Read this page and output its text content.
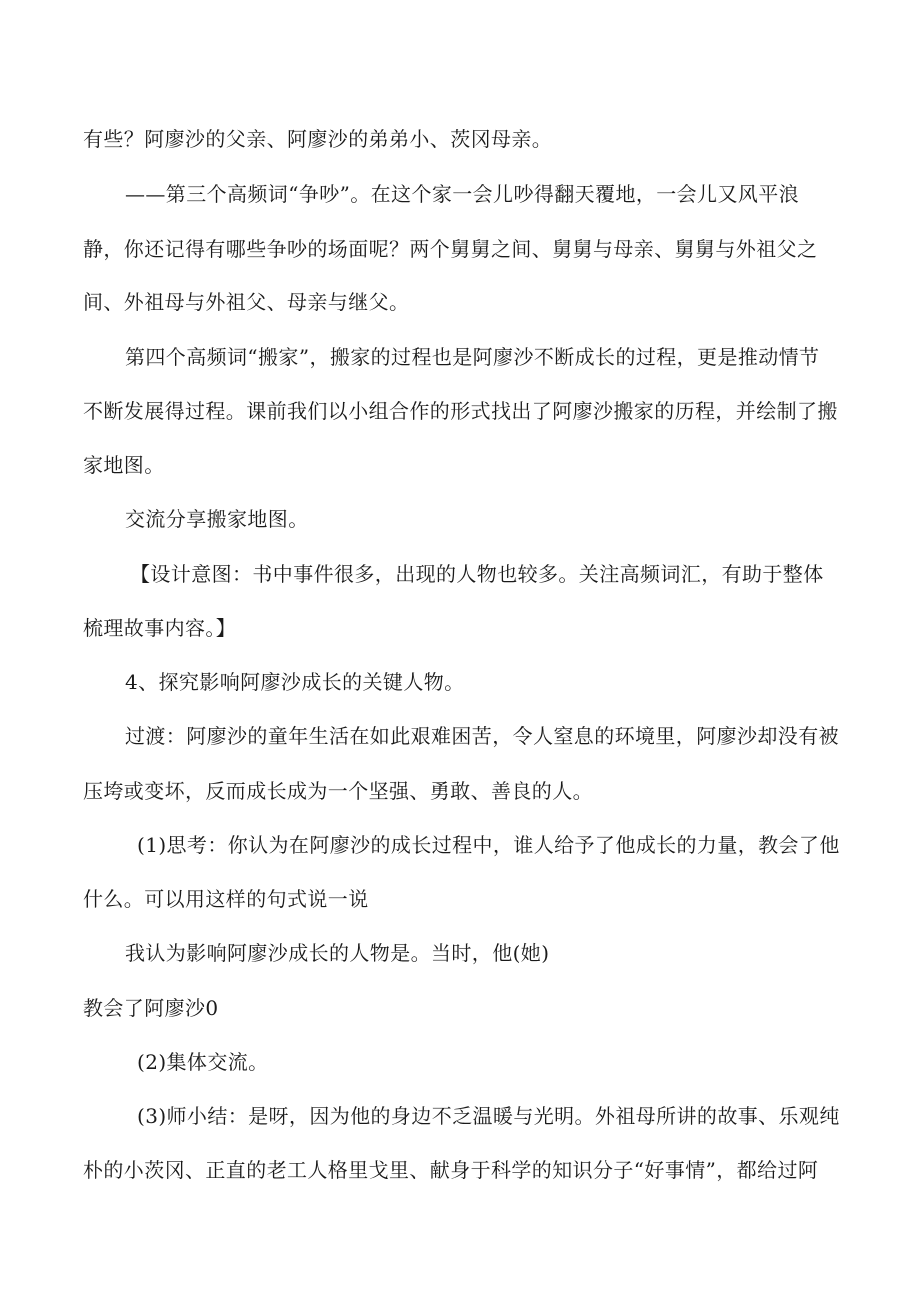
有些？阿廖沙的父亲、阿廖沙的弟弟小、茨冈母亲。
——第三个高频词“争吵”。在这个家一会儿吵得翻天覆地，一会儿又风平浪
静，你还记得有哪些争吵的场面呢？两个舅舅之间、舅舅与母亲、舅舅与外祖父之
间、外祖母与外祖父、母亲与继父。
第四个高频词“搬家”，搬家的过程也是阿廖沙不断成长的过程，更是推动情节
不断发展得过程。课前我们以小组合作的形式找出了阿廖沙搬家的历程，并绘制了搬
家地图。
交流分享搬家地图。
【设计意图：书中事件很多，出现的人物也较多。关注高频词汇，有助于整体
梳理故事内容。】
4、探究影响阿廖沙成长的关键人物。
过渡：阿廖沙的童年生活在如此艰难困苦，令人窒息的环境里，阿廖沙却没有被
压垮或变坏，反而成长成为一个坚强、勇敢、善良的人。
(1)思考：你认为在阿廖沙的成长过程中，谁人给予了他成长的力量，教会了他
什么。可以用这样的句式说一说
我认为影响阿廖沙成长的人物是。当时，他(她)
教会了阿廖沙0
(2)集体交流。
(3)师小结：是呀，因为他的身边不乏温暖与光明。外祖母所讲的故事、乐观纯
朴的小茨冈、正直的老工人格里戈里、献身于科学的知识分子“好事情”，都给过阿
